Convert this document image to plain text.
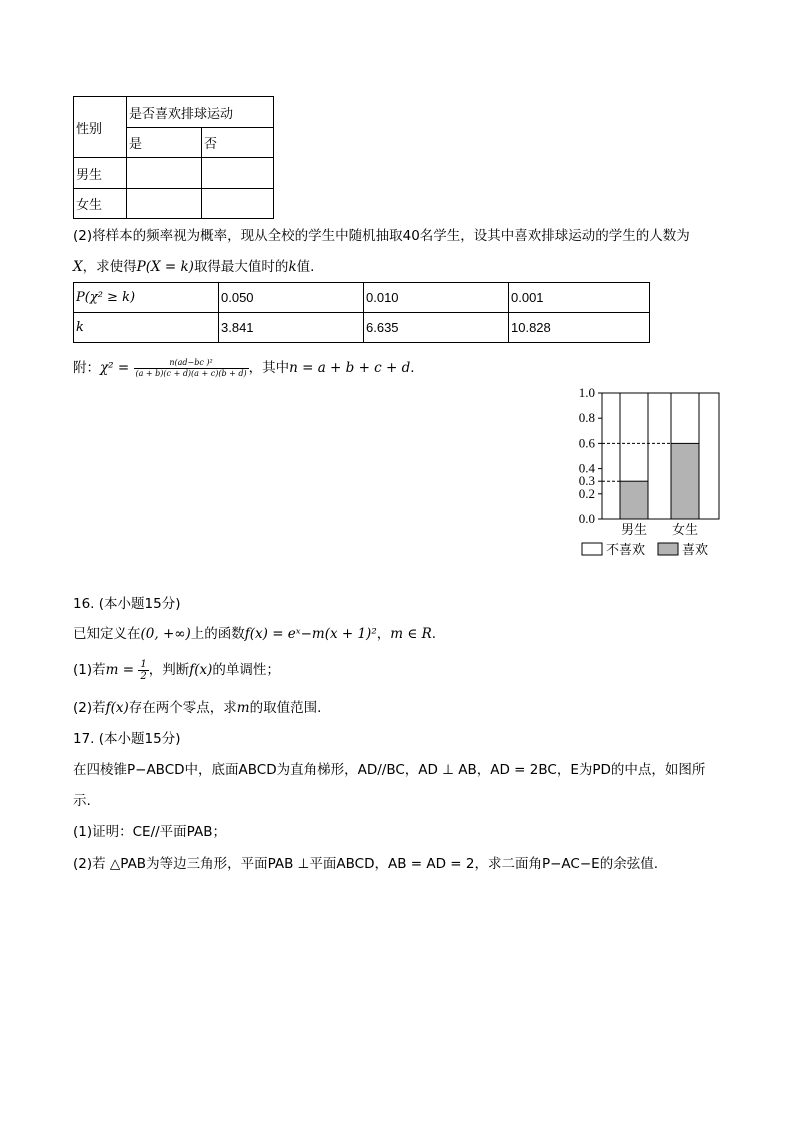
性别	是否喜欢排球运动	
	是	否
男生		
女生		
(2)将样本的频率视为概率，现从全校的学生中随机抽取40名学生，设其中喜欢排球运动的学生的人数为
X，求使得P(X = k)取得最大值时的k值.
P(χ² ≥ k)	0.050	0.010	0.001
k	3.841	6.635	10.828
附：$\chi^2 = \frac{\text{n(ad−bc )²}}{(a + b)(c + d)(a + c)(b + d)}$ ，其中n = a + b + c + d.
1.0
0.8
0.6
0.4
0.3
0.2
0.0
男生 女生
不喜欢	喜欢
16. (本小题15分)
已知定义在(0, +∞)上的函数f(x) = eˣ−m(x + 1)²，m ∈ R.
(1)若$m = \frac{1}{2}$ ，判断f(x)的单调性；
(2)若f(x)存在两个零点，求m的取值范围.
17. (本小题15分)
在四棱锥P−ABCD中，底面ABCD为直角梯形，AD//BC，AD ⊥ AB，AD = 2BC，E为PD的中点，如图所
示.
(1)证明：CE//平面PAB；
(2)若 △PAB为等边三角形，平面PAB ⊥平面ABCD，AB = AD = 2，求二面角P−AC−E的余弦值.
